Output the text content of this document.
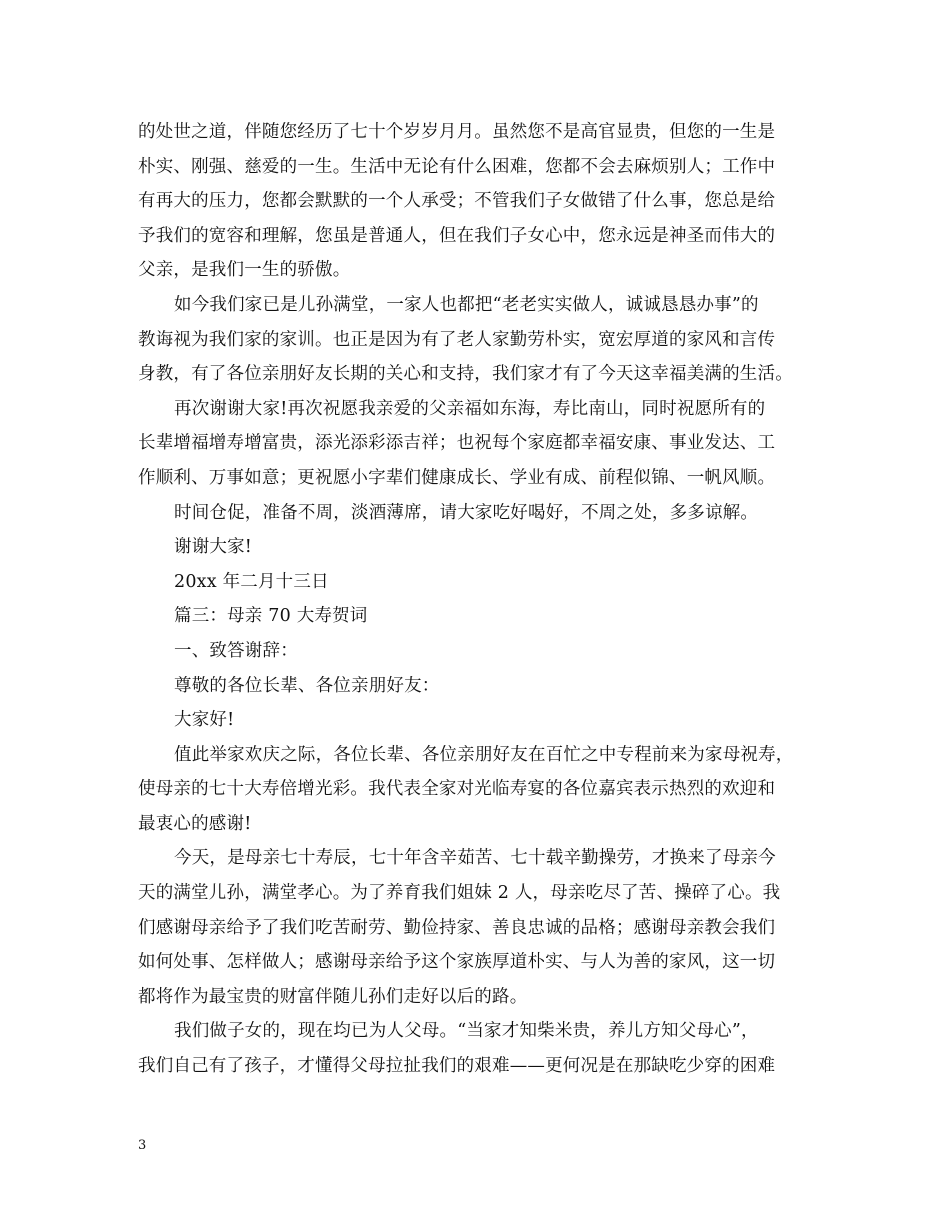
的处世之道，伴随您经历了七十个岁岁月月。虽然您不是高官显贵，但您的一生是
朴实、刚强、慈爱的一生。生活中无论有什么困难，您都不会去麻烦别人；工作中
有再大的压力，您都会默默的一个人承受；不管我们子女做错了什么事，您总是给
予我们的宽容和理解，您虽是普通人，但在我们子女心中，您永远是神圣而伟大的
父亲，是我们一生的骄傲。
如今我们家已是儿孙满堂，一家人也都把“老老实实做人，诚诚恳恳办事”的
教诲视为我们家的家训。也正是因为有了老人家勤劳朴实，宽宏厚道的家风和言传
身教，有了各位亲朋好友长期的关心和支持，我们家才有了今天这幸福美满的生活。
再次谢谢大家!再次祝愿我亲爱的父亲福如东海，寿比南山，同时祝愿所有的
长辈增福增寿增富贵，添光添彩添吉祥；也祝每个家庭都幸福安康、事业发达、工
作顺利、万事如意；更祝愿小字辈们健康成长、学业有成、前程似锦、一帆风顺。
时间仓促，准备不周，淡酒薄席，请大家吃好喝好，不周之处，多多谅解。
谢谢大家!
20xx 年二月十三日
篇三：母亲 70 大寿贺词
一、致答谢辞：
尊敬的各位长辈、各位亲朋好友：
大家好!
值此举家欢庆之际，各位长辈、各位亲朋好友在百忙之中专程前来为家母祝寿，
使母亲的七十大寿倍增光彩。我代表全家对光临寿宴的各位嘉宾表示热烈的欢迎和
最衷心的感谢!
今天，是母亲七十寿辰，七十年含辛茹苦、七十载辛勤操劳，才换来了母亲今
天的满堂儿孙，满堂孝心。为了养育我们姐妹 2 人，母亲吃尽了苦、操碎了心。我
们感谢母亲给予了我们吃苦耐劳、勤俭持家、善良忠诚的品格；感谢母亲教会我们
如何处事、怎样做人；感谢母亲给予这个家族厚道朴实、与人为善的家风，这一切
都将作为最宝贵的财富伴随儿孙们走好以后的路。
我们做子女的，现在均已为人父母。“当家才知柴米贵，养儿方知父母心”，
我们自己有了孩子，才懂得父母拉扯我们的艰难——更何况是在那缺吃少穿的困难
3
